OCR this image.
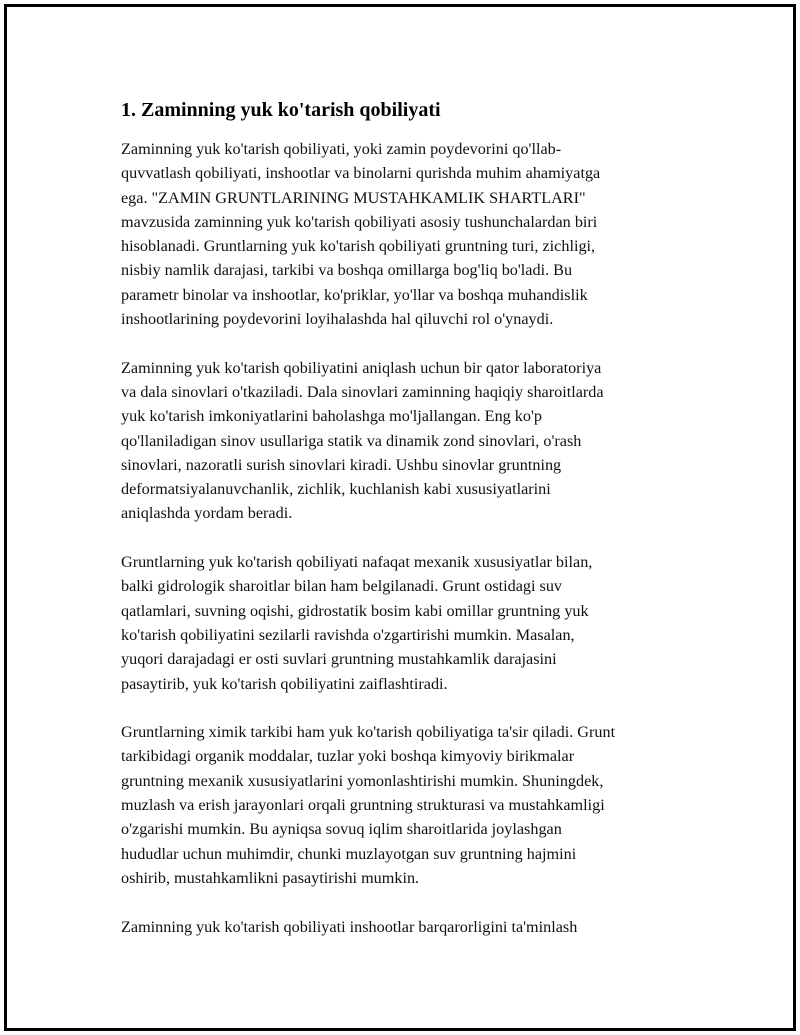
1. Zaminning yuk ko'tarish qobiliyati

Zaminning yuk ko'tarish qobiliyati, yoki zamin poydevorini qo'llab-
quvvatlash qobiliyati, inshootlar va binolarni qurishda muhim ahamiyatga
ega. "ZAMIN GRUNTLARINING MUSTAHKAMLIK SHARTLARI"
mavzusida zaminning yuk ko'tarish qobiliyati asosiy tushunchalardan biri
hisoblanadi. Gruntlarning yuk ko'tarish qobiliyati gruntning turi, zichligi,
nisbiy namlik darajasi, tarkibi va boshqa omillarga bog'liq bo'ladi. Bu
parametr binolar va inshootlar, ko'priklar, yo'llar va boshqa muhandislik
inshootlarining poydevorini loyihalashda hal qiluvchi rol o'ynaydi.

Zaminning yuk ko'tarish qobiliyatini aniqlash uchun bir qator laboratoriya
va dala sinovlari o'tkaziladi. Dala sinovlari zaminning haqiqiy sharoitlarda
yuk ko'tarish imkoniyatlarini baholashga mo'ljallangan. Eng ko'p
qo'llaniladigan sinov usullariga statik va dinamik zond sinovlari, o'rash
sinovlari, nazoratli surish sinovlari kiradi. Ushbu sinovlar gruntning
deformatsiyalanuvchanlik, zichlik, kuchlanish kabi xususiyatlarini
aniqlashda yordam beradi.

Gruntlarning yuk ko'tarish qobiliyati nafaqat mexanik xususiyatlar bilan,
balki gidrologik sharoitlar bilan ham belgilanadi. Grunt ostidagi suv
qatlamlari, suvning oqishi, gidrostatik bosim kabi omillar gruntning yuk
ko'tarish qobiliyatini sezilarli ravishda o'zgartirishi mumkin. Masalan,
yuqori darajadagi er osti suvlari gruntning mustahkamlik darajasini
pasaytirib, yuk ko'tarish qobiliyatini zaiflashtiradi.

Gruntlarning ximik tarkibi ham yuk ko'tarish qobiliyatiga ta'sir qiladi. Grunt
tarkibidagi organik moddalar, tuzlar yoki boshqa kimyoviy birikmalar
gruntning mexanik xususiyatlarini yomonlashtirishi mumkin. Shuningdek,
muzlash va erish jarayonlari orqali gruntning strukturasi va mustahkamligi
o'zgarishi mumkin. Bu ayniqsa sovuq iqlim sharoitlarida joylashgan
hududlar uchun muhimdir, chunki muzlayotgan suv gruntning hajmini
oshirib, mustahkamlikni pasaytirishi mumkin.

Zaminning yuk ko'tarish qobiliyati inshootlar barqarorligini ta'minlash
